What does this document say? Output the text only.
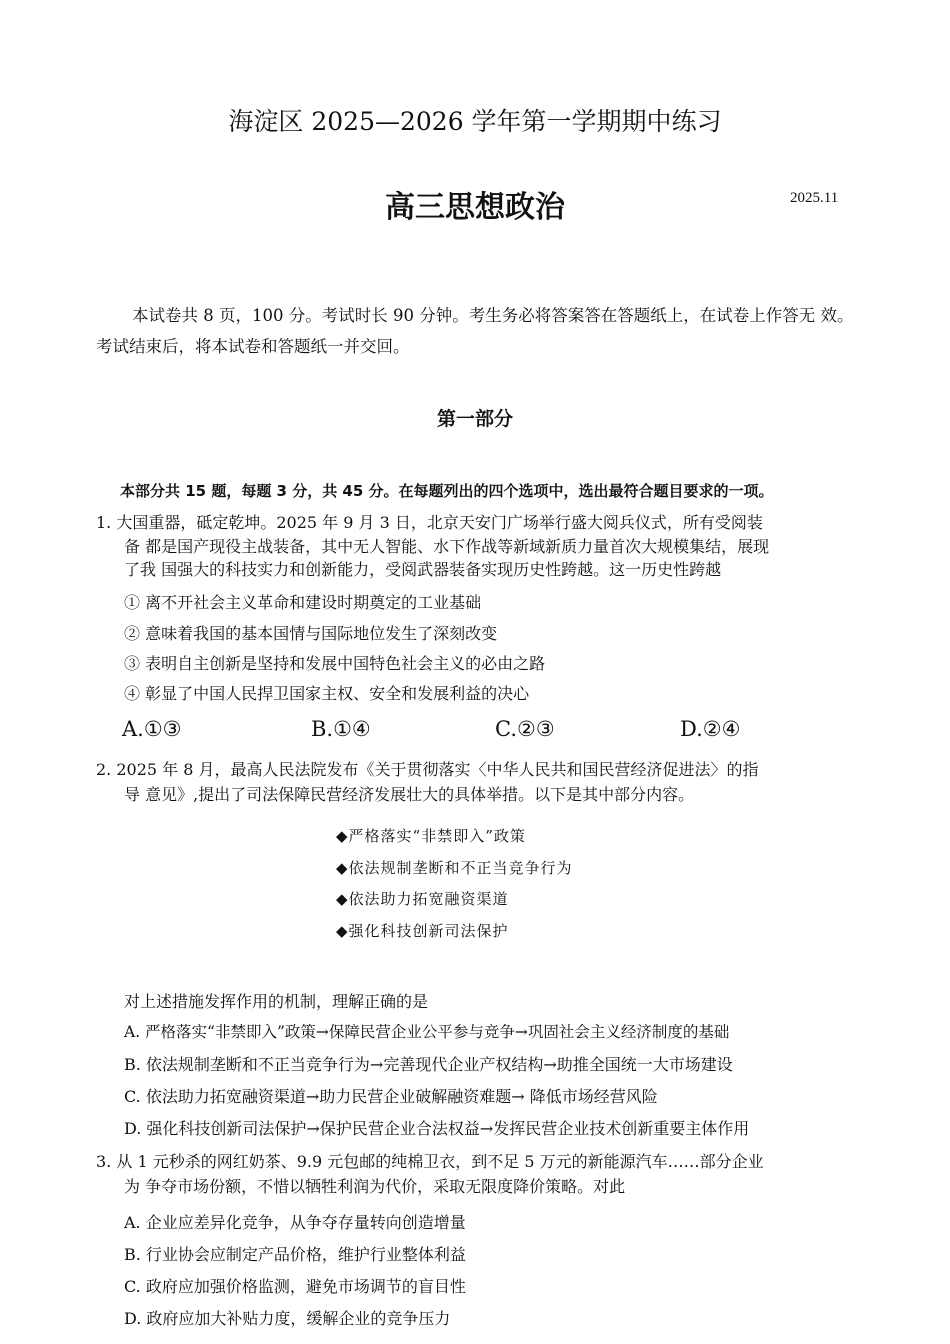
海淀区 2025—2026 学年第一学期期中练习
高三思想政治	2025.11
本试卷共 8 页，100 分。考试时长 90 分钟。考生务必将答案答在答题纸上，在试卷上作答无 效。考试结束后，将本试卷和答题纸一并交回。
第一部分
本部分共 15 题，每题 3 分，共 45 分。在每题列出的四个选项中，选出最符合题目要求的一项。
1. 大国重器，砥定乾坤。2025 年 9 月 3 日，北京天安门广场举行盛大阅兵仪式，所有受阅装
备 都是国产现役主战装备，其中无人智能、水下作战等新域新质力量首次大规模集结，展现
了我 国强大的科技实力和创新能力，受阅武器装备实现历史性跨越。这一历史性跨越
① 离不开社会主义革命和建设时期奠定的工业基础
② 意味着我国的基本国情与国际地位发生了深刻改变
③ 表明自主创新是坚持和发展中国特色社会主义的必由之路
④ 彰显了中国人民捍卫国家主权、安全和发展利益的决心
A.①③	B.①④	C.②③	D.②④
2. 2025 年 8 月，最高人民法院发布《关于贯彻落实〈中华人民共和国民营经济促进法〉的指
导 意见》,提出了司法保障民营经济发展壮大的具体举措。以下是其中部分内容。
◆严格落实“非禁即入”政策
◆依法规制垄断和不正当竞争行为
◆依法助力拓宽融资渠道
◆强化科技创新司法保护
对上述措施发挥作用的机制，理解正确的是
A. 严格落实“非禁即入”政策→保障民营企业公平参与竞争→巩固社会主义经济制度的基础
B. 依法规制垄断和不正当竞争行为→完善现代企业产权结构→助推全国统一大市场建设
C. 依法助力拓宽融资渠道→助力民营企业破解融资难题→ 降低市场经营风险
D. 强化科技创新司法保护→保护民营企业合法权益→发挥民营企业技术创新重要主体作用
3. 从 1 元秒杀的网红奶茶、9.9 元包邮的纯棉卫衣，到不足 5 万元的新能源汽车……部分企业
为 争夺市场份额，不惜以牺牲利润为代价，采取无限度降价策略。对此
A. 企业应差异化竞争，从争夺存量转向创造增量
B. 行业协会应制定产品价格，维护行业整体利益
C. 政府应加强价格监测，避免市场调节的盲目性
D. 政府应加大补贴力度，缓解企业的竞争压力
